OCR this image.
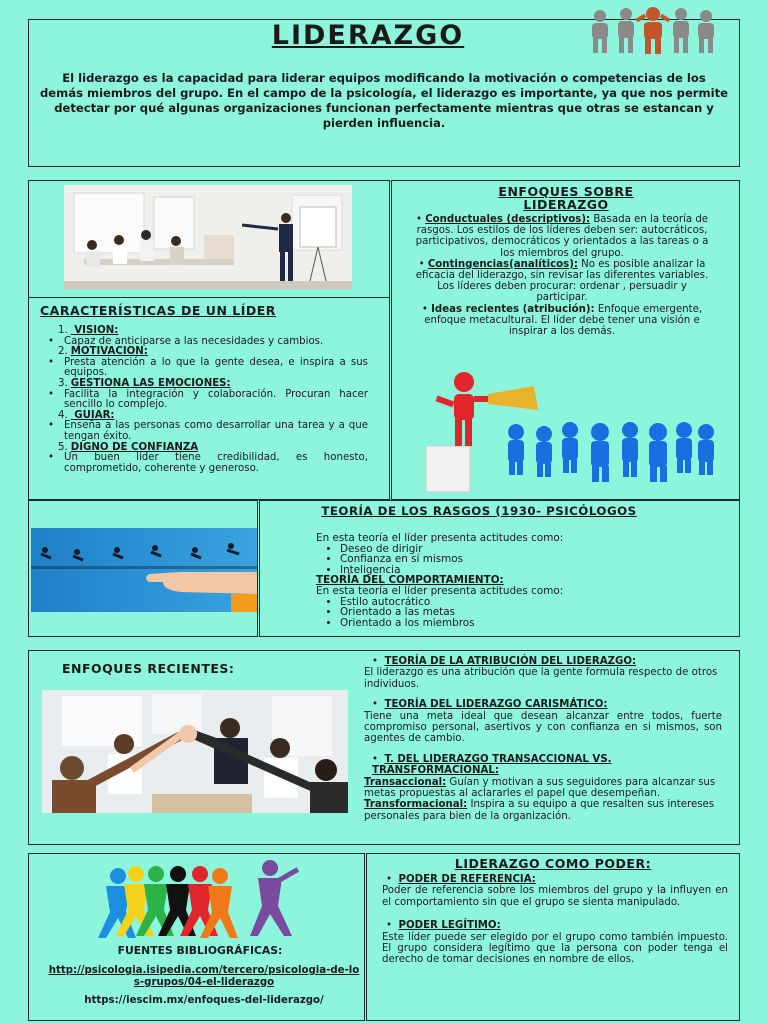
LIDERAZGO
El liderazgo es la capacidad para liderar equipos modificando la motivación o competencias de los demás miembros del grupo. En el campo de la psicología, el liderazgo es importante, ya que nos permite detectar por qué algunas organizaciones funcionan perfectamente mientras que otras se estancan y pierden influencia.
CARACTERÍSTICAS DE UN LÍDER
1. VISION:
• Capaz de anticiparse a las necesidades y cambios.
2. MOTIVACION:
• Presta atención a lo que la gente desea, e inspira a sus equipos.
3. GESTIONA LAS EMOCIONES:
• Facilita la integración y colaboración. Procuran hacer sencillo lo complejo.
4. GUIAR:
• Enseña a las personas como desarrollar una tarea y a que tengan éxito.
5. DIGNO DE CONFIANZA
• Un buen líder tiene credibilidad, es honesto, comprometido, coherente y generoso.
ENFOQUES SOBRE LIDERAZGO
• Conductuales (descriptivos): Basada en la teoría de rasgos. Los estilos de los líderes deben ser: autocráticos, participativos, democráticos y orientados a las tareas o a los miembros del grupo.
• Contingencias(analíticos): No es posible analizar la eficacia del liderazgo, sin revisar las diferentes variables. Los líderes deben procurar: ordenar , persuadir y participar.
• Ideas recientes (atribución): Enfoque emergente, enfoque metacultural. El líder debe tener una visión e inspirar a los demás.
TEORÍA DE LOS RASGOS (1930- PSICÓLOGOS
En esta teoría el líder presenta actitudes como:
• Deseo de dirigir
• Confianza en sí mismos
• Inteligencia
TEORÍA DEL COMPORTAMIENTO:
En esta teoría el líder presenta actitudes como:
• Estilo autocrático
• Orientado a las metas
• Orientado a los miembros
ENFOQUES RECIENTES:	•  TEORÍA DE LA ATRIBUCIÓN DEL LIDERAZGO:
El liderazgo es una atribución que la gente formula respecto de otros individuos.
•  TEORÍA DEL LIDERAZGO CARISMÁTICO:
Tiene una meta ideal que desean alcanzar entre todos, fuerte compromiso personal, asertivos y con confianza en si mismos, son agentes de cambio.
•  T. DEL LIDERAZGO TRANSACCIONAL VS. TRANSFORMACIONAL:
Transaccional: Guían y motivan a sus seguidores para alcanzar sus metas propuestas al aclararles el papel que desempeñan.
Transformacional: Inspira a su equipo a que resalten sus intereses personales para bien de la organización.
FUENTES BIBLIOGRÁFICAS:
http://psicologia.isipedia.com/tercero/psicologia-de-los-grupos/04-el-liderazgo
https://iescim.mx/enfoques-del-liderazgo/
LIDERAZGO COMO PODER:
•  PODER DE REFERENCIA:
Poder de referencia sobre los miembros del grupo y la influyen en el comportamiento sin que el grupo se sienta manipulado.
•  PODER LEGÍTIMO:
Este líder puede ser elegido por el grupo como también impuesto. El grupo considera legítimo que la persona con poder tenga el derecho de tomar decisiones en nombre de ellos.
